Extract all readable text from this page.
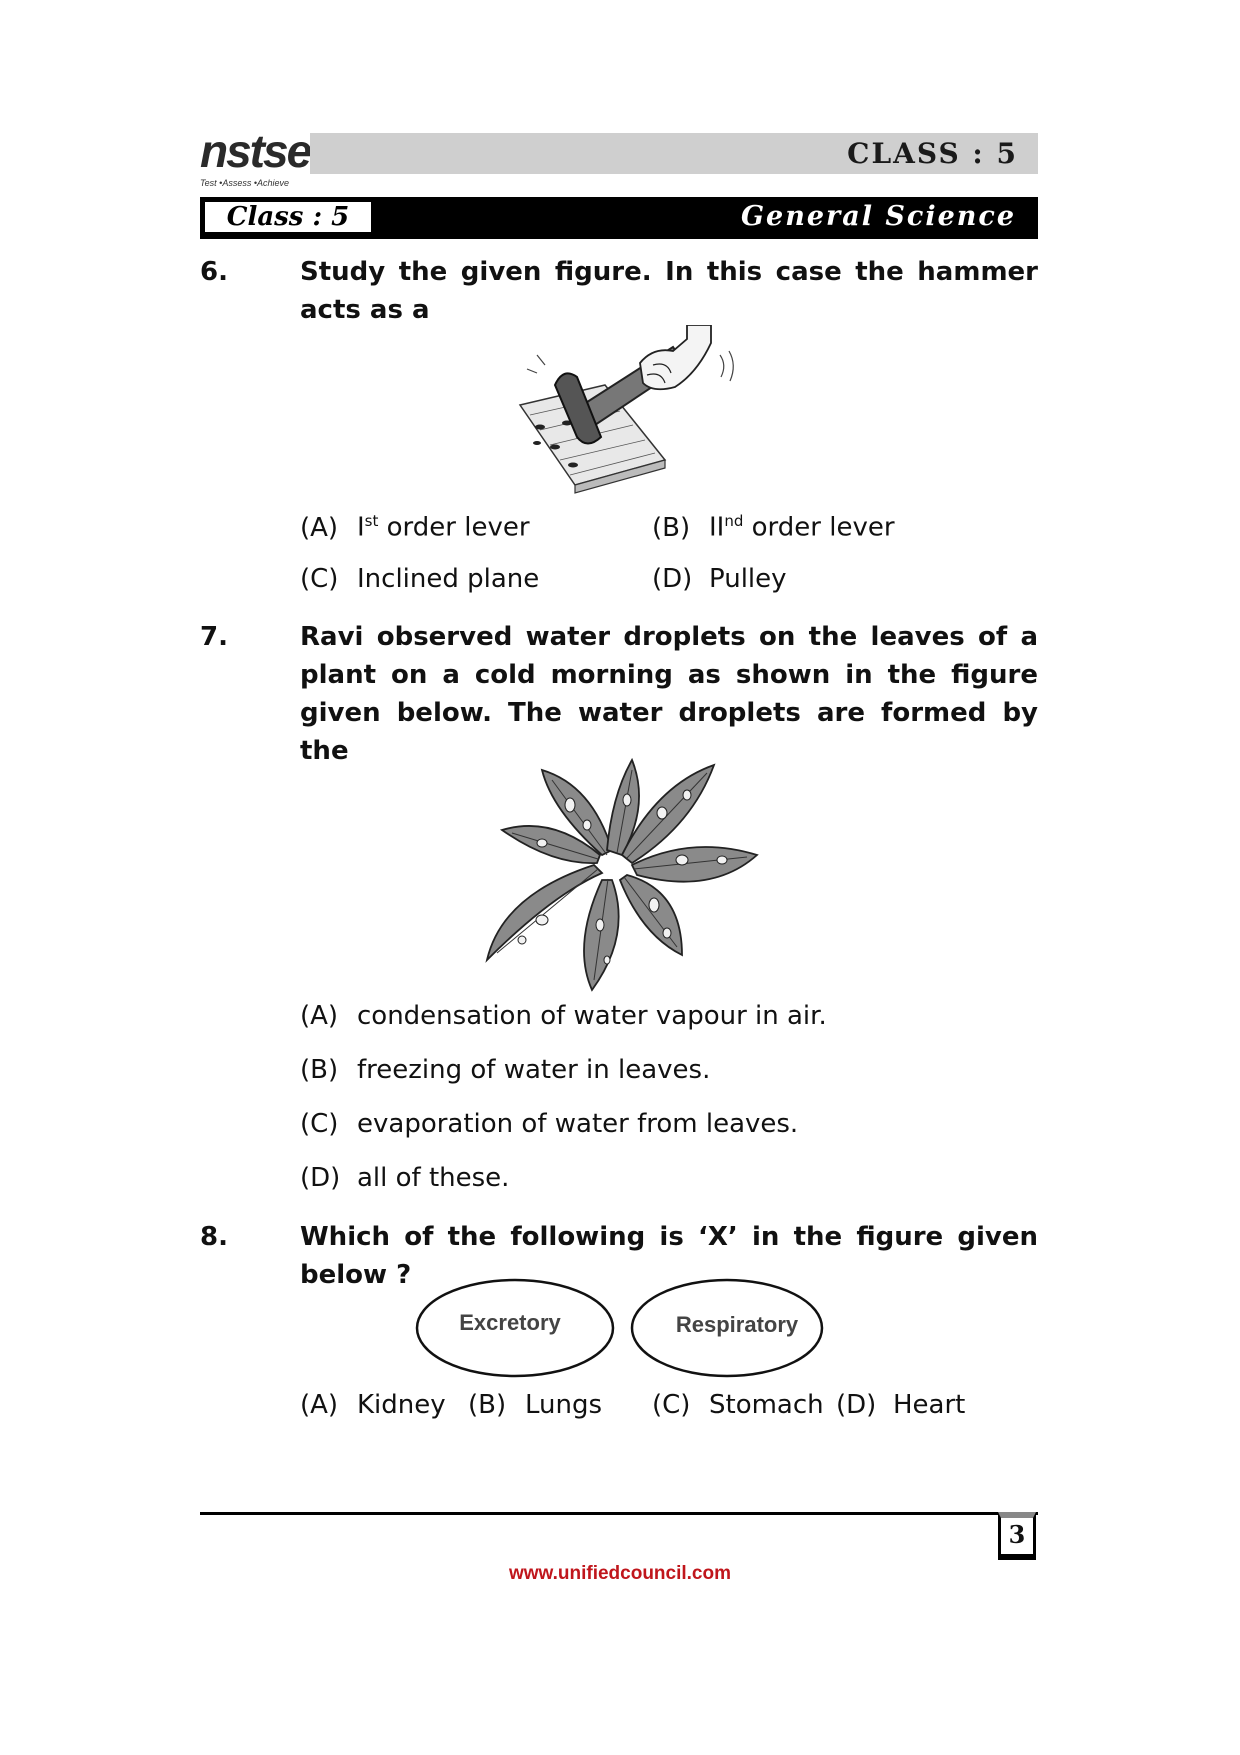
nstse
Test •Assess •Achieve
CLASS : 5
Class : 5	General Science
6.	Study the given figure. In this case the hammer acts as a
(A) Ist order lever	(B) IInd order lever
(C) Inclined plane	(D) Pulley
7.	Ravi observed water droplets on the leaves of a plant on a cold morning as shown in the figure given below. The water droplets are formed by the
(A) condensation of water vapour in air.
(B) freezing of water in leaves.
(C) evaporation of water from leaves.
(D) all of these.
8.	Which of the following is ‘X’ in the figure given below ?
Excretory X Respiratory
(A) Kidney (B) Lungs (C) Stomach (D) Heart
3
www.unifiedcouncil.com
